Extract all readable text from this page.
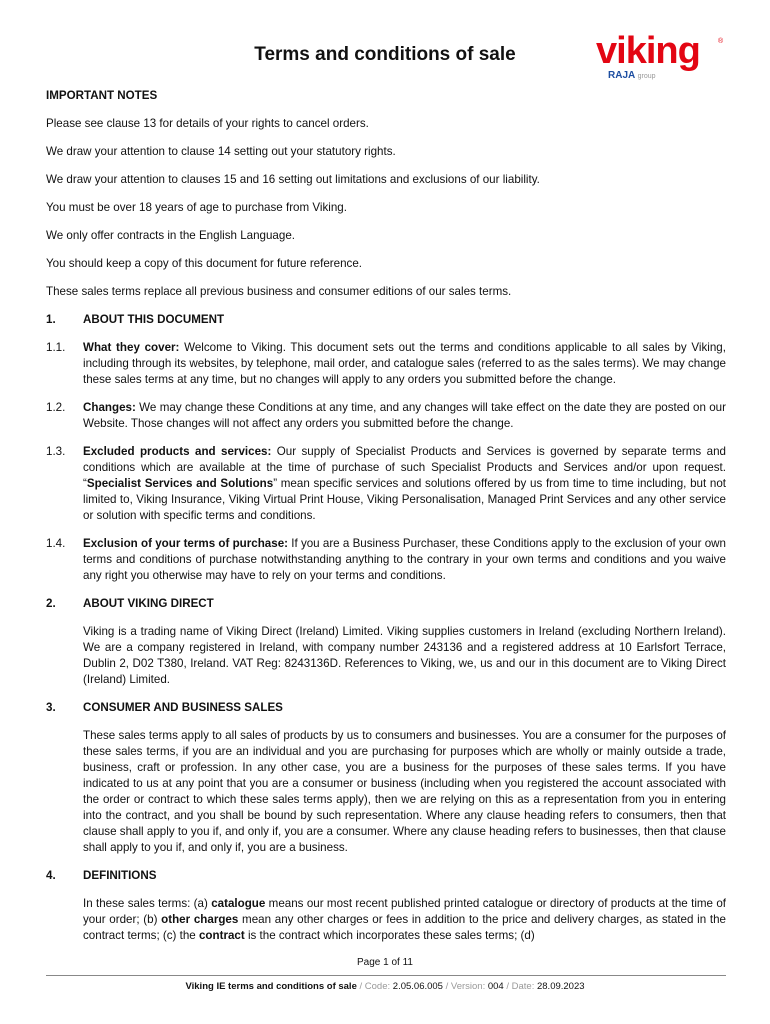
Terms and conditions of sale	viking	®
RAJA group
IMPORTANT NOTES
Please see clause 13 for details of your rights to cancel orders.
We draw your attention to clause 14 setting out your statutory rights.
We draw your attention to clauses 15 and 16 setting out limitations and exclusions of our liability.
You must be over 18 years of age to purchase from Viking.
We only offer contracts in the English Language.
You should keep a copy of this document for future reference.
These sales terms replace all previous business and consumer editions of our sales terms.
1.	ABOUT THIS DOCUMENT
1.1.	What they cover: Welcome to Viking. This document sets out the terms and conditions applicable to all sales by Viking, including through its websites, by telephone, mail order, and catalogue sales (referred to as the sales terms). We may change these sales terms at any time, but no changes will apply to any orders you submitted before the change.
1.2.	Changes: We may change these Conditions at any time, and any changes will take effect on the date they are posted on our Website. Those changes will not affect any orders you submitted before the change.
1.3.	Excluded products and services: Our supply of Specialist Products and Services is governed by separate terms and conditions which are available at the time of purchase of such Specialist Products and Services and/or upon request. “Specialist Services and Solutions” mean specific services and solutions offered by us from time to time including, but not limited to, Viking Insurance, Viking Virtual Print House, Viking Personalisation, Managed Print Services and any other service or solution with specific terms and conditions.
1.4.	Exclusion of your terms of purchase: If you are a Business Purchaser, these Conditions apply to the exclusion of your own terms and conditions of purchase notwithstanding anything to the contrary in your own terms and conditions and you waive any right you otherwise may have to rely on your terms and conditions.
2.	ABOUT VIKING DIRECT
Viking is a trading name of Viking Direct (Ireland) Limited. Viking supplies customers in Ireland (excluding Northern Ireland). We are a company registered in Ireland, with company number 243136 and a registered address at 10 Earlsfort Terrace, Dublin 2, D02 T380, Ireland. VAT Reg: 8243136D. References to Viking, we, us and our in this document are to Viking Direct (Ireland) Limited.
3.	CONSUMER AND BUSINESS SALES
These sales terms apply to all sales of products by us to consumers and businesses. You are a consumer for the purposes of these sales terms, if you are an individual and you are purchasing for purposes which are wholly or mainly outside a trade, business, craft or profession. In any other case, you are a business for the purposes of these sales terms. If you have indicated to us at any point that you are a consumer or business (including when you registered the account associated with the order or contract to which these sales terms apply), then we are relying on this as a representation from you in entering into the contract, and you shall be bound by such representation. Where any clause heading refers to consumers, then that clause shall apply to you if, and only if, you are a consumer. Where any clause heading refers to businesses, then that clause shall apply to you if, and only if, you are a business.
4.	DEFINITIONS
In these sales terms: (a) catalogue means our most recent published printed catalogue or directory of products at the time of your order; (b) other charges mean any other charges or fees in addition to the price and delivery charges, as stated in the contract terms; (c) the contract is the contract which incorporates these sales terms; (d)
Page 1 of 11
Viking IE terms and conditions of sale / Code: 2.05.06.005 / Version: 004 / Date: 28.09.2023
